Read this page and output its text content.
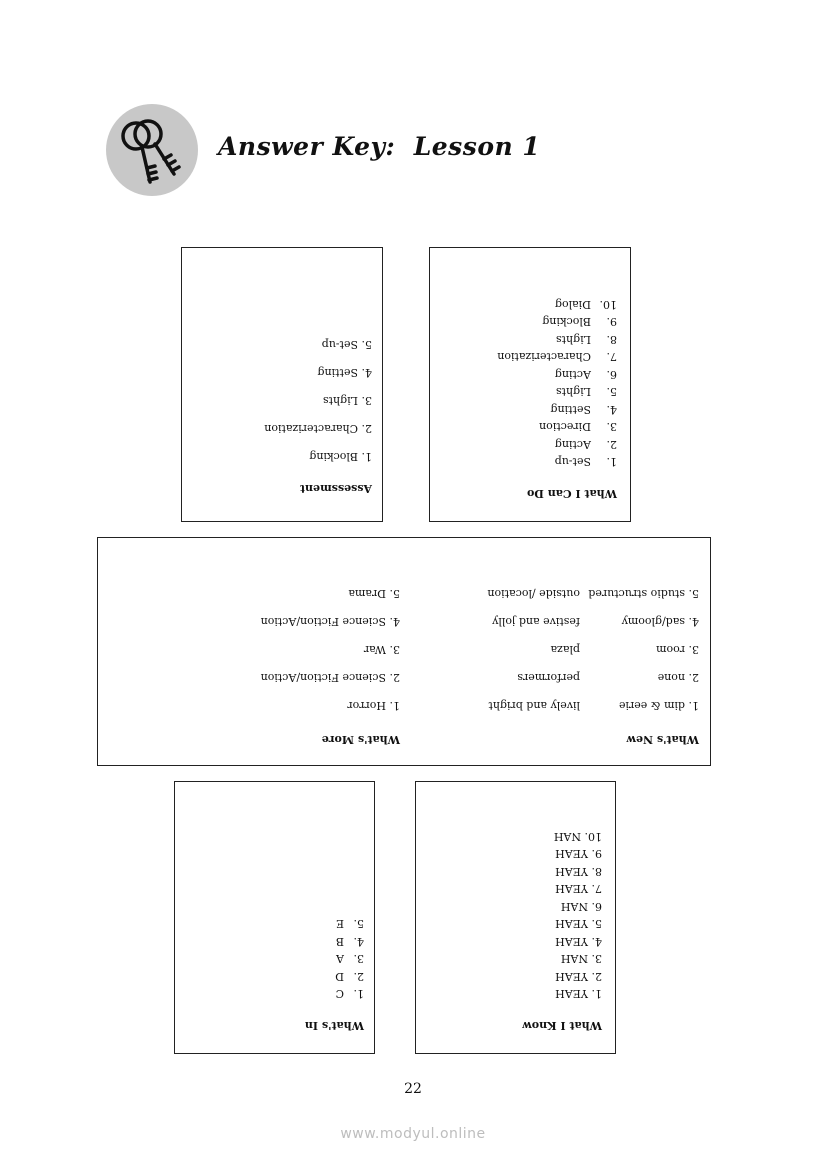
Answer Key:  Lesson 1
What I Can Do
1.Set-up
2.Acting
3.Direction
4.Setting
5.Lights
6.Acting
7.Characterization
8.Lights
9.Blocking
10.Dialog
Assessment
1. Blocking
2. Characterization
3. Lights
4. Setting
5. Set-up
What's New
1. dim & eerie
2. none
3. room
4. sad/gloomy
5. studio structured
lively and bright
performers
plaza
festive and jolly
outside /location
What's More
1. Horror
2. Science Fiction/Action
3. War
4. Science Fiction/Action
5. Drama
What I Know
1. YEAH
2. YEAH
3. NAH
4. YEAH
5. YEAH
6. NAH
7. YEAH
8. YEAH
9. YEAH
10. NAH
What's In
1.C
2.D
3.A
4.B
5.E
22
www.modyul.online
